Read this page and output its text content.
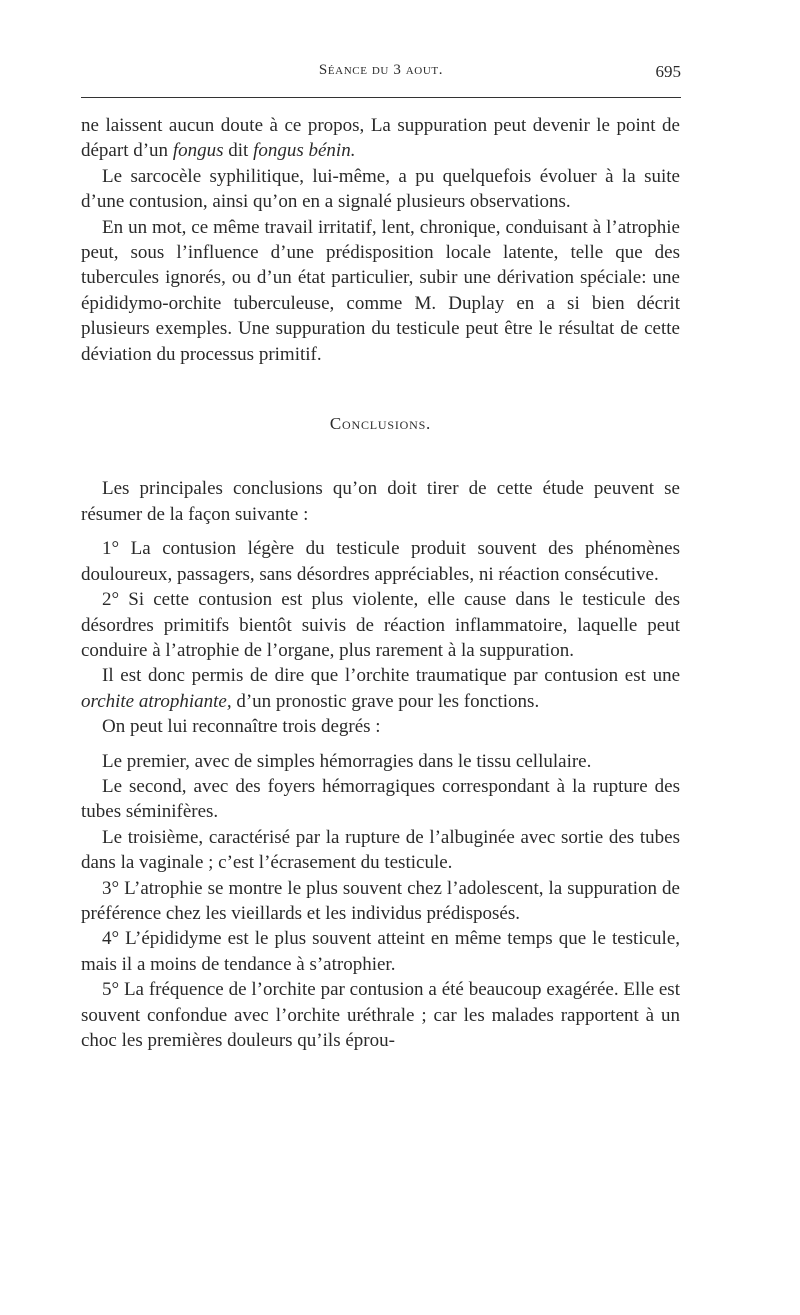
Séance du 3 aout.	695

ne laissent aucun doute à ce propos, La suppuration peut devenir le point de départ d’un fongus dit fongus bénin.

Le sarcocèle syphilitique, lui-même, a pu quelquefois évoluer à la suite d’une contusion, ainsi qu’on en a signalé plusieurs observations.

En un mot, ce même travail irritatif, lent, chronique, conduisant à l’atrophie peut, sous l’influence d’une prédisposition locale latente, telle que des tubercules ignorés, ou d’un état particulier, subir une dérivation spéciale: une épididymo-orchite tuberculeuse, comme M. Duplay en a si bien décrit plusieurs exemples. Une suppuration du testicule peut être le résultat de cette déviation du processus primitif.

Conclusions.

Les principales conclusions qu’on doit tirer de cette étude peuvent se résumer de la façon suivante :

1° La contusion légère du testicule produit souvent des phénomènes douloureux, passagers, sans désordres appréciables, ni réaction consécutive.

2° Si cette contusion est plus violente, elle cause dans le testicule des désordres primitifs bientôt suivis de réaction inflammatoire, laquelle peut conduire à l’atrophie de l’organe, plus rarement à la suppuration.

Il est donc permis de dire que l’orchite traumatique par contusion est une orchite atrophiante, d’un pronostic grave pour les fonctions.

On peut lui reconnaître trois degrés :

Le premier, avec de simples hémorragies dans le tissu cellulaire.

Le second, avec des foyers hémorragiques correspondant à la rupture des tubes séminifères.

Le troisième, caractérisé par la rupture de l’albuginée avec sortie des tubes dans la vaginale ; c’est l’écrasement du testicule.

3° L’atrophie se montre le plus souvent chez l’adolescent, la suppuration de préférence chez les vieillards et les individus prédisposés.

4° L’épididyme est le plus souvent atteint en même temps que le testicule, mais il a moins de tendance à s’atrophier.

5° La fréquence de l’orchite par contusion a été beaucoup exagérée. Elle est souvent confondue avec l’orchite uréthrale ; car les malades rapportent à un choc les premières douleurs qu’ils éprou-
